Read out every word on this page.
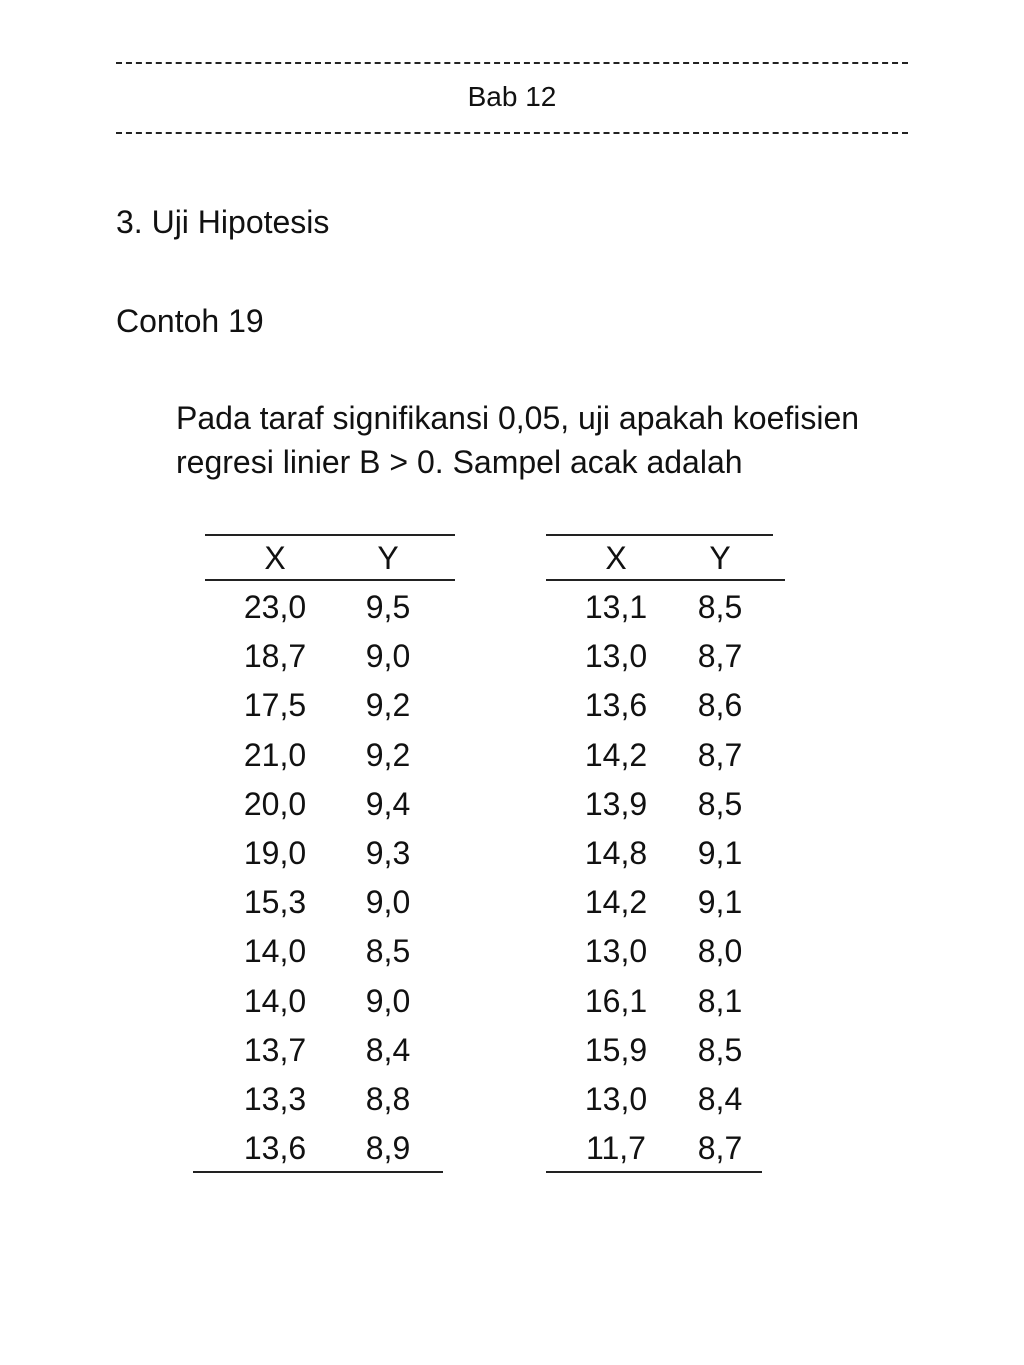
Bab 12
3. Uji Hipotesis
Contoh 19
Pada taraf signifikansi 0,05, uji apakah koefisien
regresi linier B > 0. Sampel acak adalah
X	Y
23,0	9,5
18,7	9,0
17,5	9,2
21,0	9,2
20,0	9,4
19,0	9,3
15,3	9,0
14,0	8,5
14,0	9,0
13,7	8,4
13,3	8,8
13,6	8,9
X	Y
13,1	8,5
13,0	8,7
13,6	8,6
14,2	8,7
13,9	8,5
14,8	9,1
14,2	9,1
13,0	8,0
16,1	8,1
15,9	8,5
13,0	8,4
11,7	8,7
